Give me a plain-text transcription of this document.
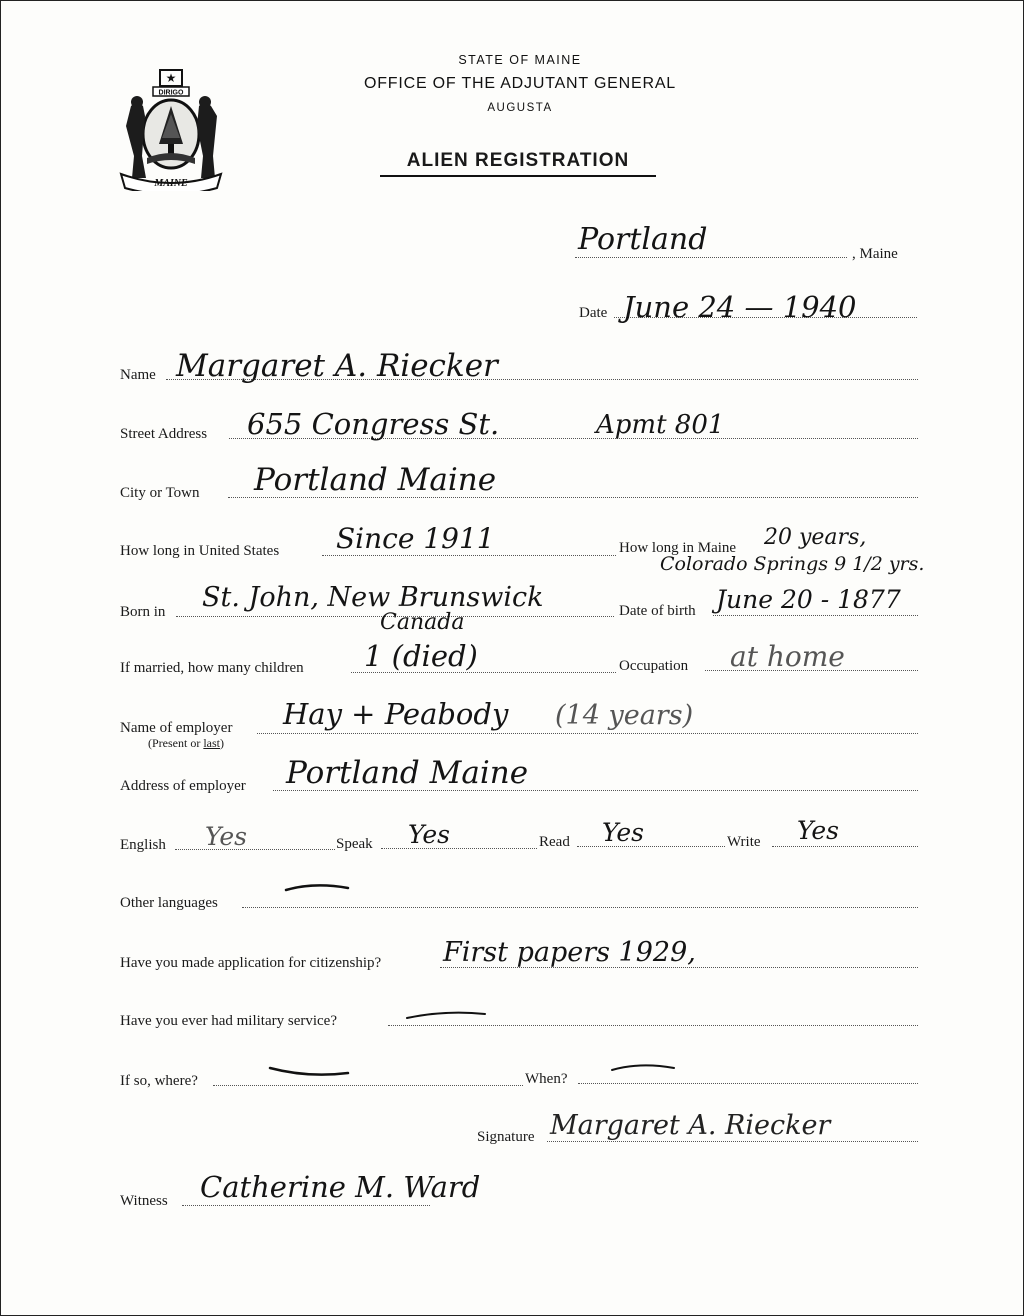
★
DIRIGO
MAINE
STATE OF MAINE
OFFICE OF THE ADJUTANT GENERAL
AUGUSTA
ALIEN REGISTRATION
Portland	, Maine
Date June 24 — 1940
Name Margaret A. Riecker
Street Address 655 Congress St.	Apmt 801
City or Town Portland Maine
How long in United States Since 1911	How long in Maine 20 years,
Colorado Springs 9 1/2 yrs.
Born in St. John, New Brunswick
Canada	Date of birth June 20 - 1877
If married, how many children 1 (died)	Occupation at home
Name of employer
(Present or last)
Hay + Peabody (14 years)
Address of employer Portland Maine
English Yes	Speak Yes	Read Yes	Write Yes
Other languages
Have you made application for citizenship? First papers 1929,
Have you ever had military service?
If so, where?	When?
Signature Margaret A. Riecker
Witness Catherine M. Ward
